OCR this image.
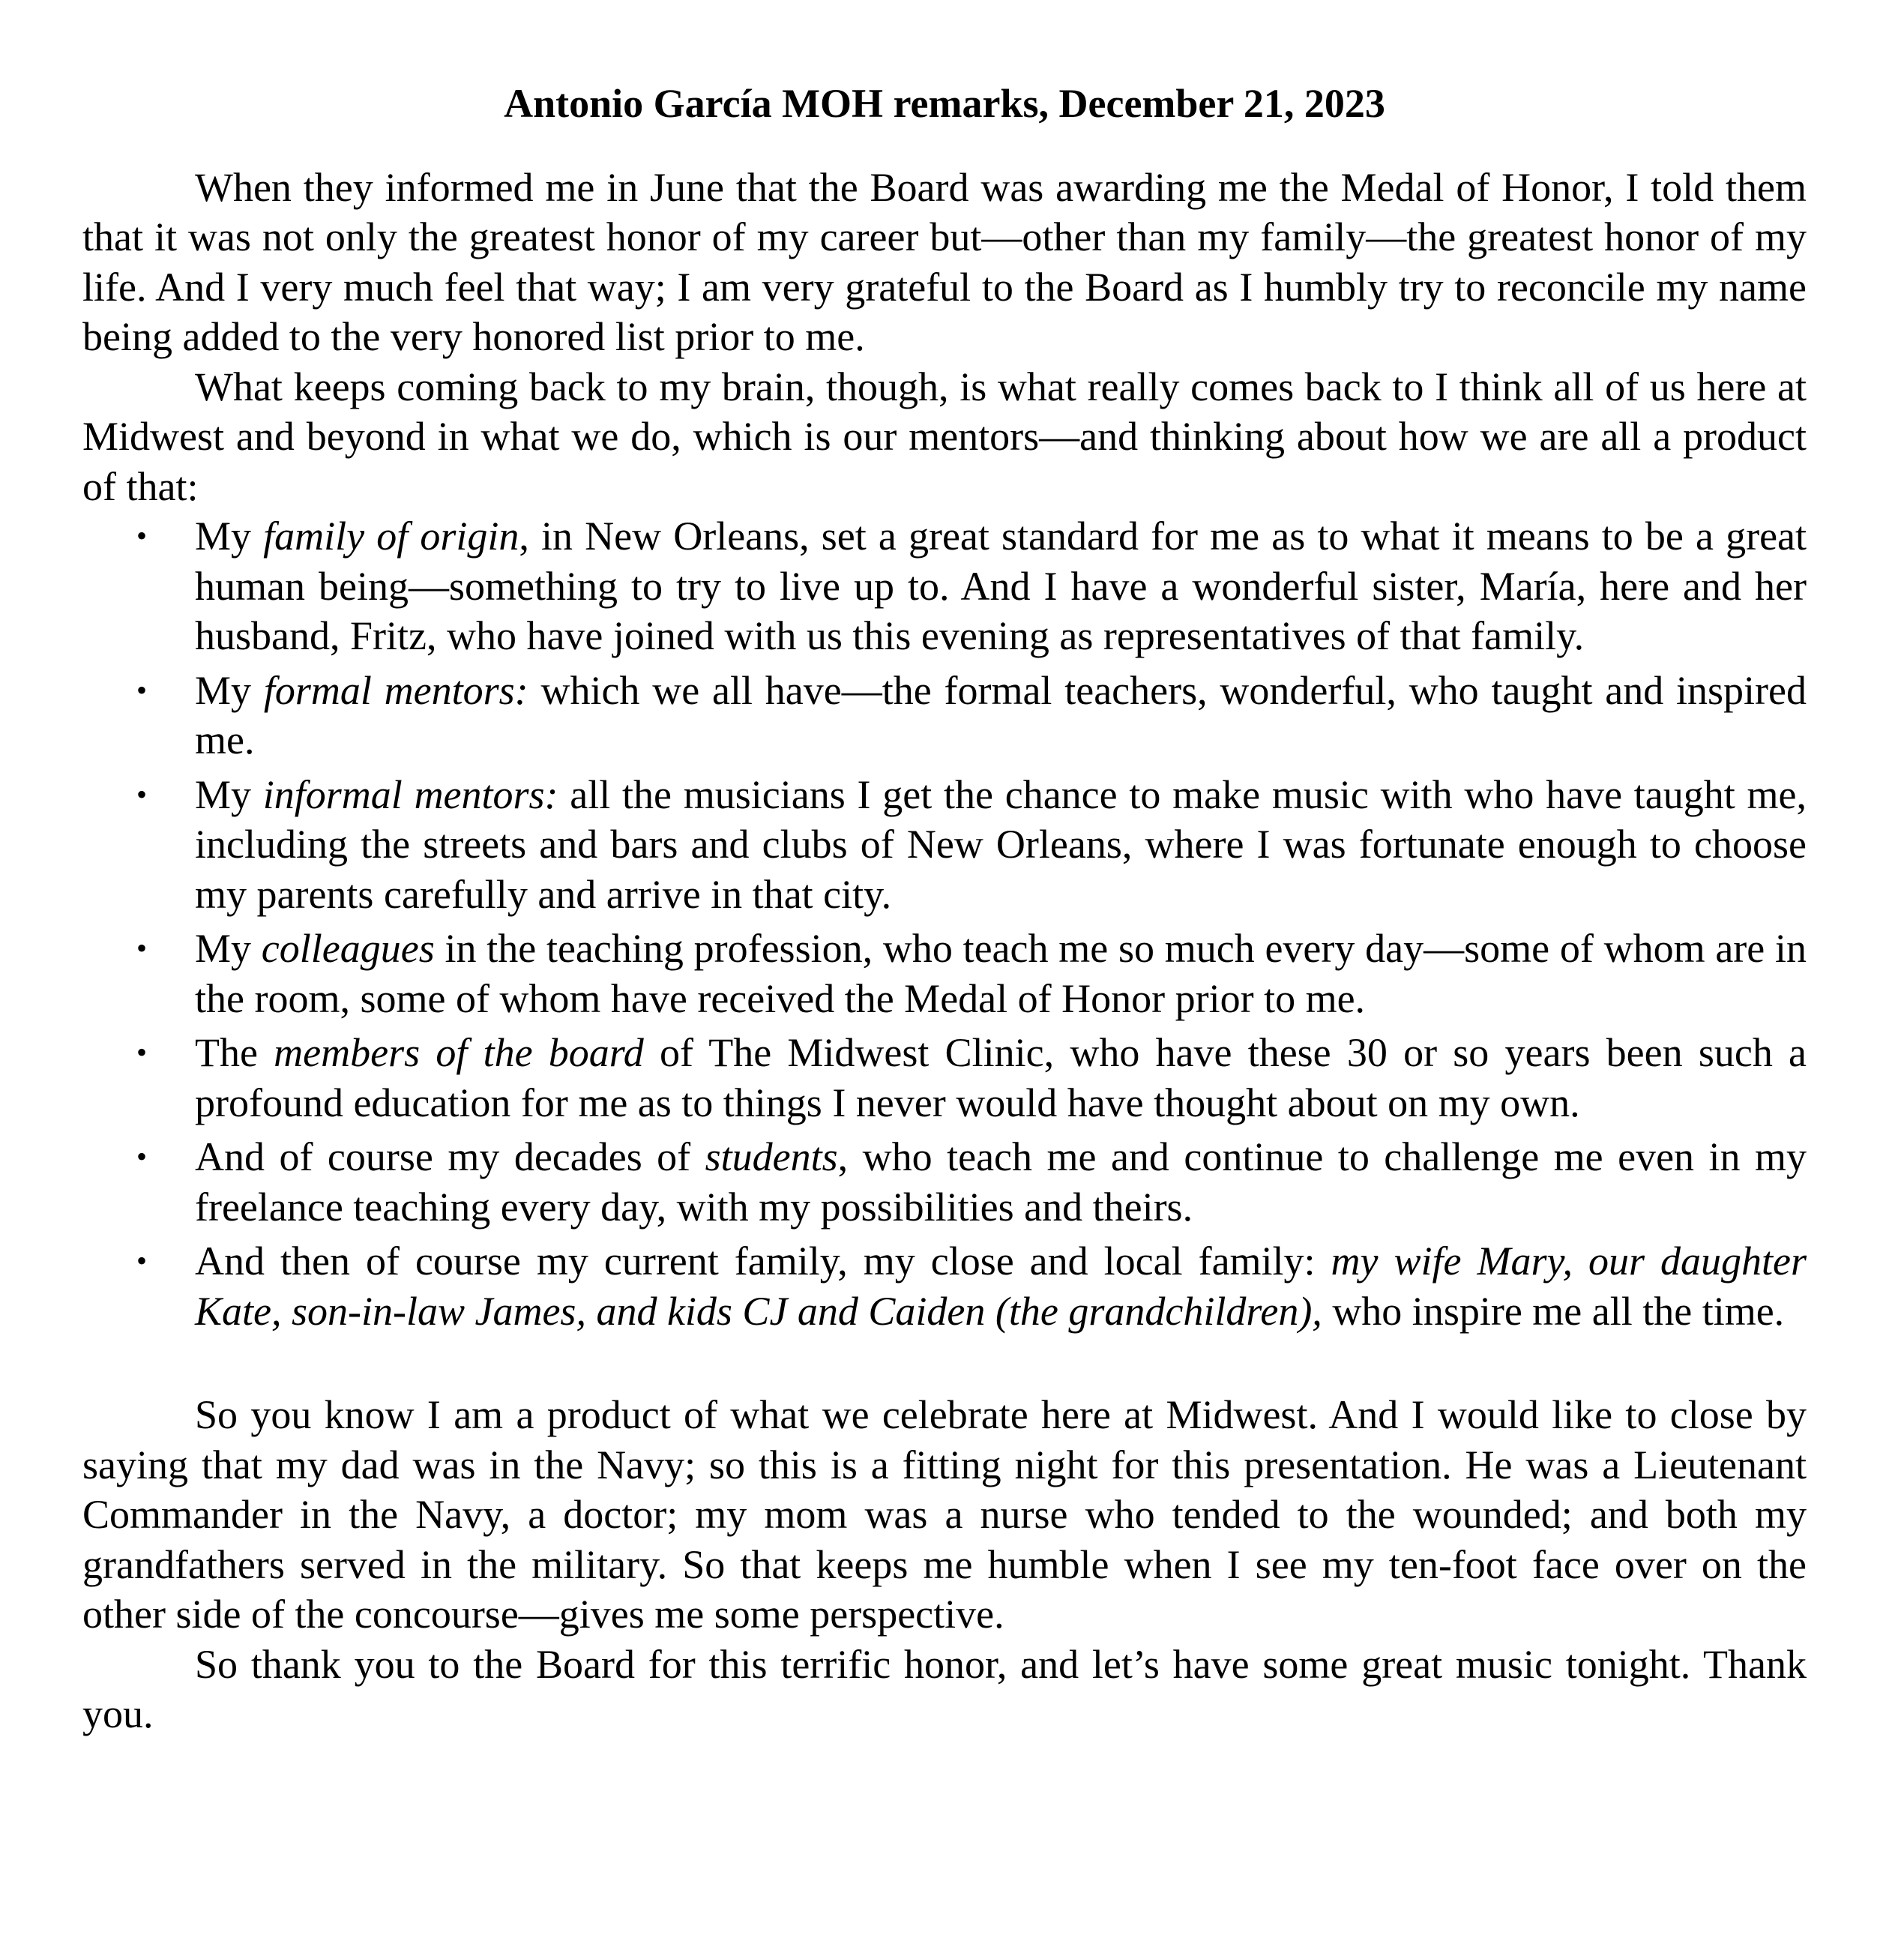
Antonio García MOH remarks, December 21, 2023

When they informed me in June that the Board was awarding me the Medal of Honor, I told them that it was not only the greatest honor of my career but—other than my family—the greatest honor of my life. And I very much feel that way; I am very grateful to the Board as I humbly try to reconcile my name being added to the very honored list prior to me.

What keeps coming back to my brain, though, is what really comes back to I think all of us here at Midwest and beyond in what we do, which is our mentors—and thinking about how we are all a product of that:

• My family of origin, in New Orleans, set a great standard for me as to what it means to be a great human being—something to try to live up to. And I have a wonderful sister, María, here and her husband, Fritz, who have joined with us this evening as representatives of that family.
• My formal mentors: which we all have—the formal teachers, wonderful, who taught and inspired me.
• My informal mentors: all the musicians I get the chance to make music with who have taught me, including the streets and bars and clubs of New Orleans, where I was fortunate enough to choose my parents carefully and arrive in that city.
• My colleagues in the teaching profession, who teach me so much every day—some of whom are in the room, some of whom have received the Medal of Honor prior to me.
• The members of the board of The Midwest Clinic, who have these 30 or so years been such a profound education for me as to things I never would have thought about on my own.
• And of course my decades of students, who teach me and continue to challenge me even in my freelance teaching every day, with my possibilities and theirs.
• And then of course my current family, my close and local family: my wife Mary, our daughter Kate, son-in-law James, and kids CJ and Caiden (the grandchildren), who inspire me all the time.

So you know I am a product of what we celebrate here at Midwest. And I would like to close by saying that my dad was in the Navy; so this is a fitting night for this presentation. He was a Lieutenant Commander in the Navy, a doctor; my mom was a nurse who tended to the wounded; and both my grandfathers served in the military. So that keeps me humble when I see my ten-foot face over on the other side of the concourse—gives me some perspective.

So thank you to the Board for this terrific honor, and let’s have some great music tonight. Thank you.
